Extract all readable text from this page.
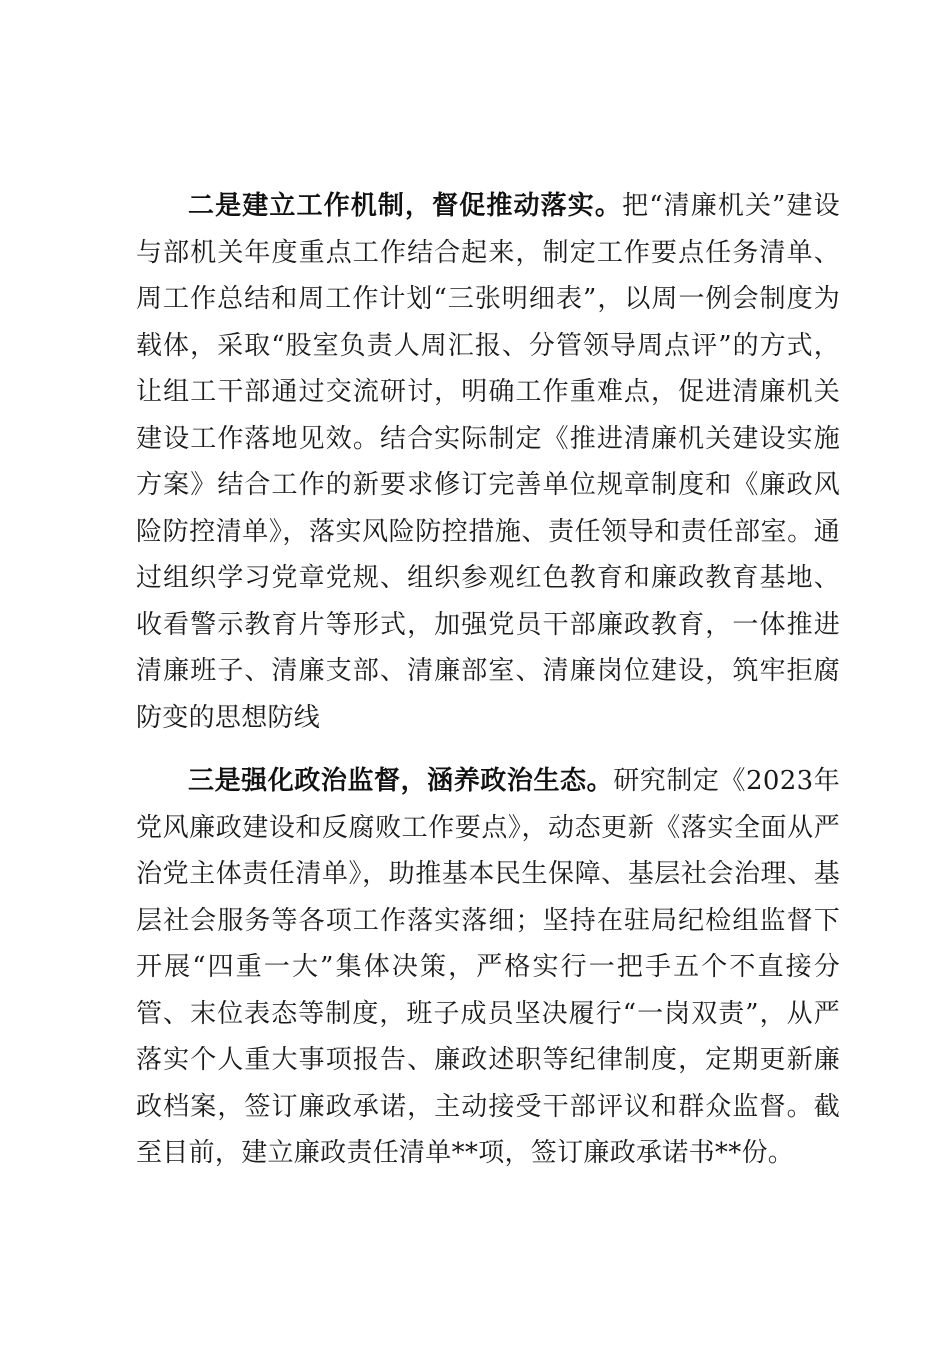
二是建立工作机制，督促推动落实。把“清廉机关”建设与部机关年度重点工作结合起来，制定工作要点任务清单、周工作总结和周工作计划“三张明细表”，以周一例会制度为载体，采取“股室负责人周汇报、分管领导周点评”的方式，让组工干部通过交流研讨，明确工作重难点，促进清廉机关建设工作落地见效。结合实际制定《推进清廉机关建设实施方案》结合工作的新要求修订完善单位规章制度和《廉政风险防控清单》，落实风险防控措施、责任领导和责任部室。通过组织学习党章党规、组织参观红色教育和廉政教育基地、收看警示教育片等形式，加强党员干部廉政教育，一体推进清廉班子、清廉支部、清廉部室、清廉岗位建设，筑牢拒腐防变的思想防线

三是强化政治监督，涵养政治生态。研究制定《2023年党风廉政建设和反腐败工作要点》，动态更新《落实全面从严治党主体责任清单》，助推基本民生保障、基层社会治理、基层社会服务等各项工作落实落细；坚持在驻局纪检组监督下开展“四重一大”集体决策，严格实行一把手五个不直接分管、末位表态等制度，班子成员坚决履行“一岗双责”，从严落实个人重大事项报告、廉政述职等纪律制度，定期更新廉政档案，签订廉政承诺，主动接受干部评议和群众监督。截至目前，建立廉政责任清单**项，签订廉政承诺书**份。
